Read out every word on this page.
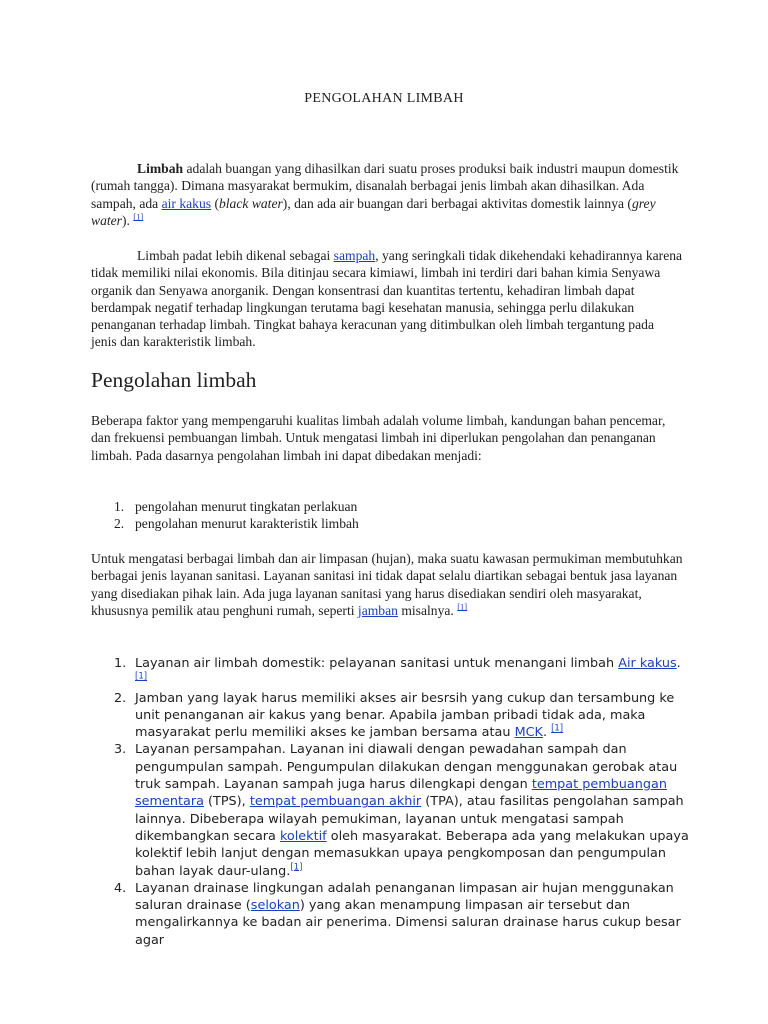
PENGOLAHAN LIMBAH

Limbah adalah buangan yang dihasilkan dari suatu proses produksi baik industri maupun domestik (rumah tangga). Dimana masyarakat bermukim, disanalah berbagai jenis limbah akan dihasilkan. Ada sampah, ada air kakus (black water), dan ada air buangan dari berbagai aktivitas domestik lainnya (grey water). [1]

Limbah padat lebih dikenal sebagai sampah, yang seringkali tidak dikehendaki kehadirannya karena tidak memiliki nilai ekonomis. Bila ditinjau secara kimiawi, limbah ini terdiri dari bahan kimia Senyawa organik dan Senyawa anorganik. Dengan konsentrasi dan kuantitas tertentu, kehadiran limbah dapat berdampak negatif terhadap lingkungan terutama bagi kesehatan manusia, sehingga perlu dilakukan penanganan terhadap limbah. Tingkat bahaya keracunan yang ditimbulkan oleh limbah tergantung pada jenis dan karakteristik limbah.

Pengolahan limbah

Beberapa faktor yang mempengaruhi kualitas limbah adalah volume limbah, kandungan bahan pencemar, dan frekuensi pembuangan limbah. Untuk mengatasi limbah ini diperlukan pengolahan dan penanganan limbah. Pada dasarnya pengolahan limbah ini dapat dibedakan menjadi:

1. pengolahan menurut tingkatan perlakuan
2. pengolahan menurut karakteristik limbah

Untuk mengatasi berbagai limbah dan air limpasan (hujan), maka suatu kawasan permukiman membutuhkan berbagai jenis layanan sanitasi. Layanan sanitasi ini tidak dapat selalu diartikan sebagai bentuk jasa layanan yang disediakan pihak lain. Ada juga layanan sanitasi yang harus disediakan sendiri oleh masyarakat, khususnya pemilik atau penghuni rumah, seperti jamban misalnya. [1]

1. Layanan air limbah domestik: pelayanan sanitasi untuk menangani limbah Air kakus. [1]
2. Jamban yang layak harus memiliki akses air besrsih yang cukup dan tersambung ke unit penanganan air kakus yang benar. Apabila jamban pribadi tidak ada, maka masyarakat perlu memiliki akses ke jamban bersama atau MCK. [1]
3. Layanan persampahan. Layanan ini diawali dengan pewadahan sampah dan pengumpulan sampah. Pengumpulan dilakukan dengan menggunakan gerobak atau truk sampah. Layanan sampah juga harus dilengkapi dengan tempat pembuangan sementara (TPS), tempat pembuangan akhir (TPA), atau fasilitas pengolahan sampah lainnya. Dibeberapa wilayah pemukiman, layanan untuk mengatasi sampah dikembangkan secara kolektif oleh masyarakat. Beberapa ada yang melakukan upaya kolektif lebih lanjut dengan memasukkan upaya pengkomposan dan pengumpulan bahan layak daur-ulang.[1]
4. Layanan drainase lingkungan adalah penanganan limpasan air hujan menggunakan saluran drainase (selokan) yang akan menampung limpasan air tersebut dan mengalirkannya ke badan air penerima. Dimensi saluran drainase harus cukup besar agar
